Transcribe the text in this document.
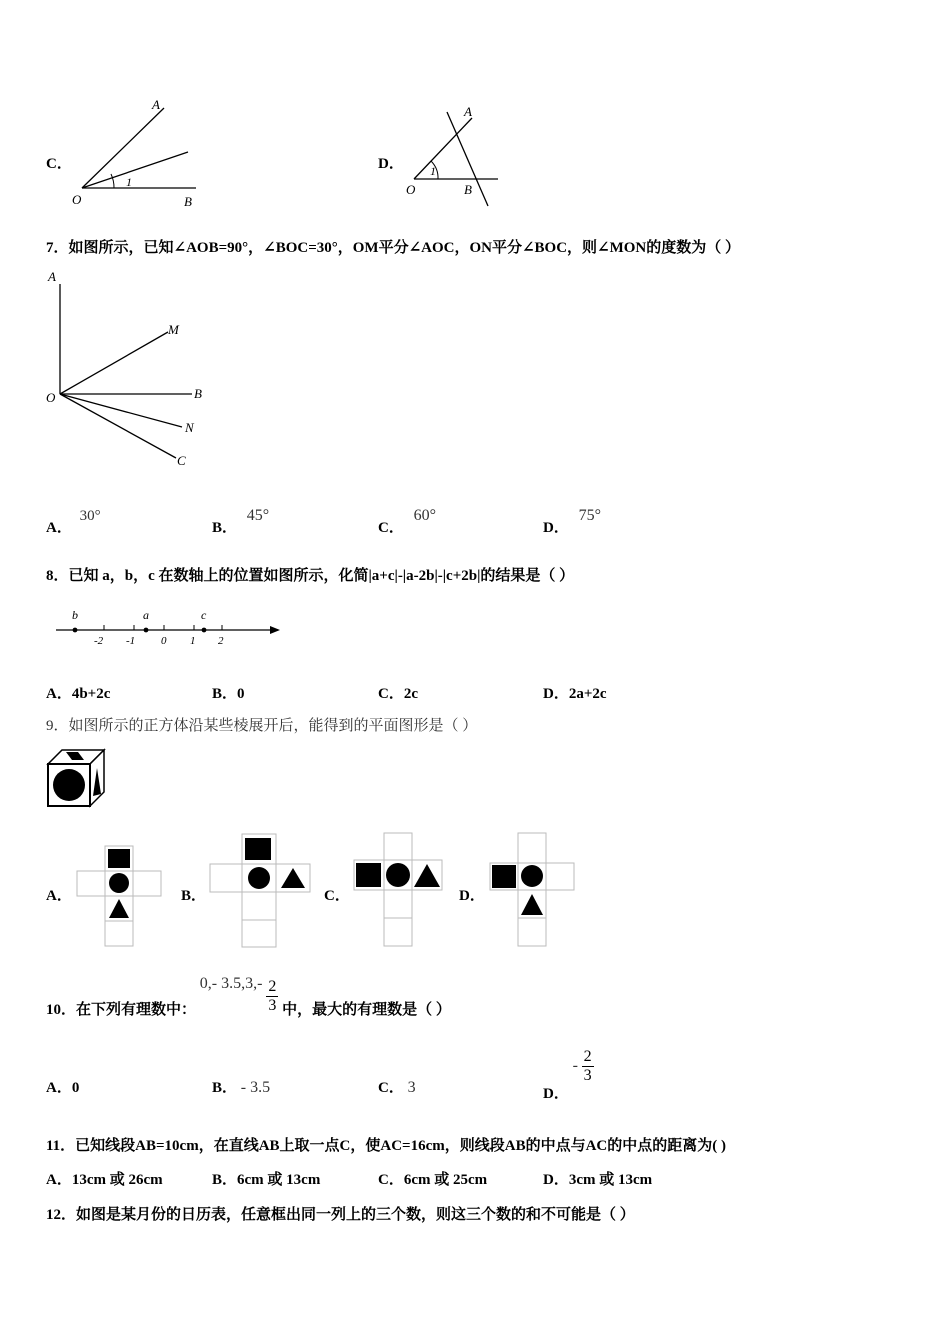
C．
A
O	B
1
D．
A
O	B
1
7．如图所示，已知∠AOB=90°，∠BOC=30°，OM平分∠AOC，ON平分∠BOC，则∠MON的度数为（ ）
A
M
O	B
N
C
A． 30°
B． 45°
C． 60°
D． 75°
8．已知 a，b，c 在数轴上的位置如图所示，化简|a+c|-|a-2b|-|c+2b|的结果是（ ）
b	a	c
-2 -1 0 1 2
A．4b+2c	B．0	C．2c	D．2a+2c
9．如图所示的正方体沿某些棱展开后，能得到的平面图形是（ ）
A．	B．	C．	D．
10．在下列有理数中： 0,- $3.5,3,- \frac{2}{3}$ 中，最大的有理数是（ ）
A．0	B． - 3.5	C． 3	D． - $\frac{2}{3}$
11．已知线段AB=10cm，在直线AB上取一点C，使AC=16cm，则线段AB的中点与AC的中点的距离为( )
A．13cm 或 26cm	B．6cm 或 13cm	C．6cm 或 25cm	D．3cm 或 13cm
12．如图是某月份的日历表，任意框出同一列上的三个数，则这三个数的和不可能是（ ）
